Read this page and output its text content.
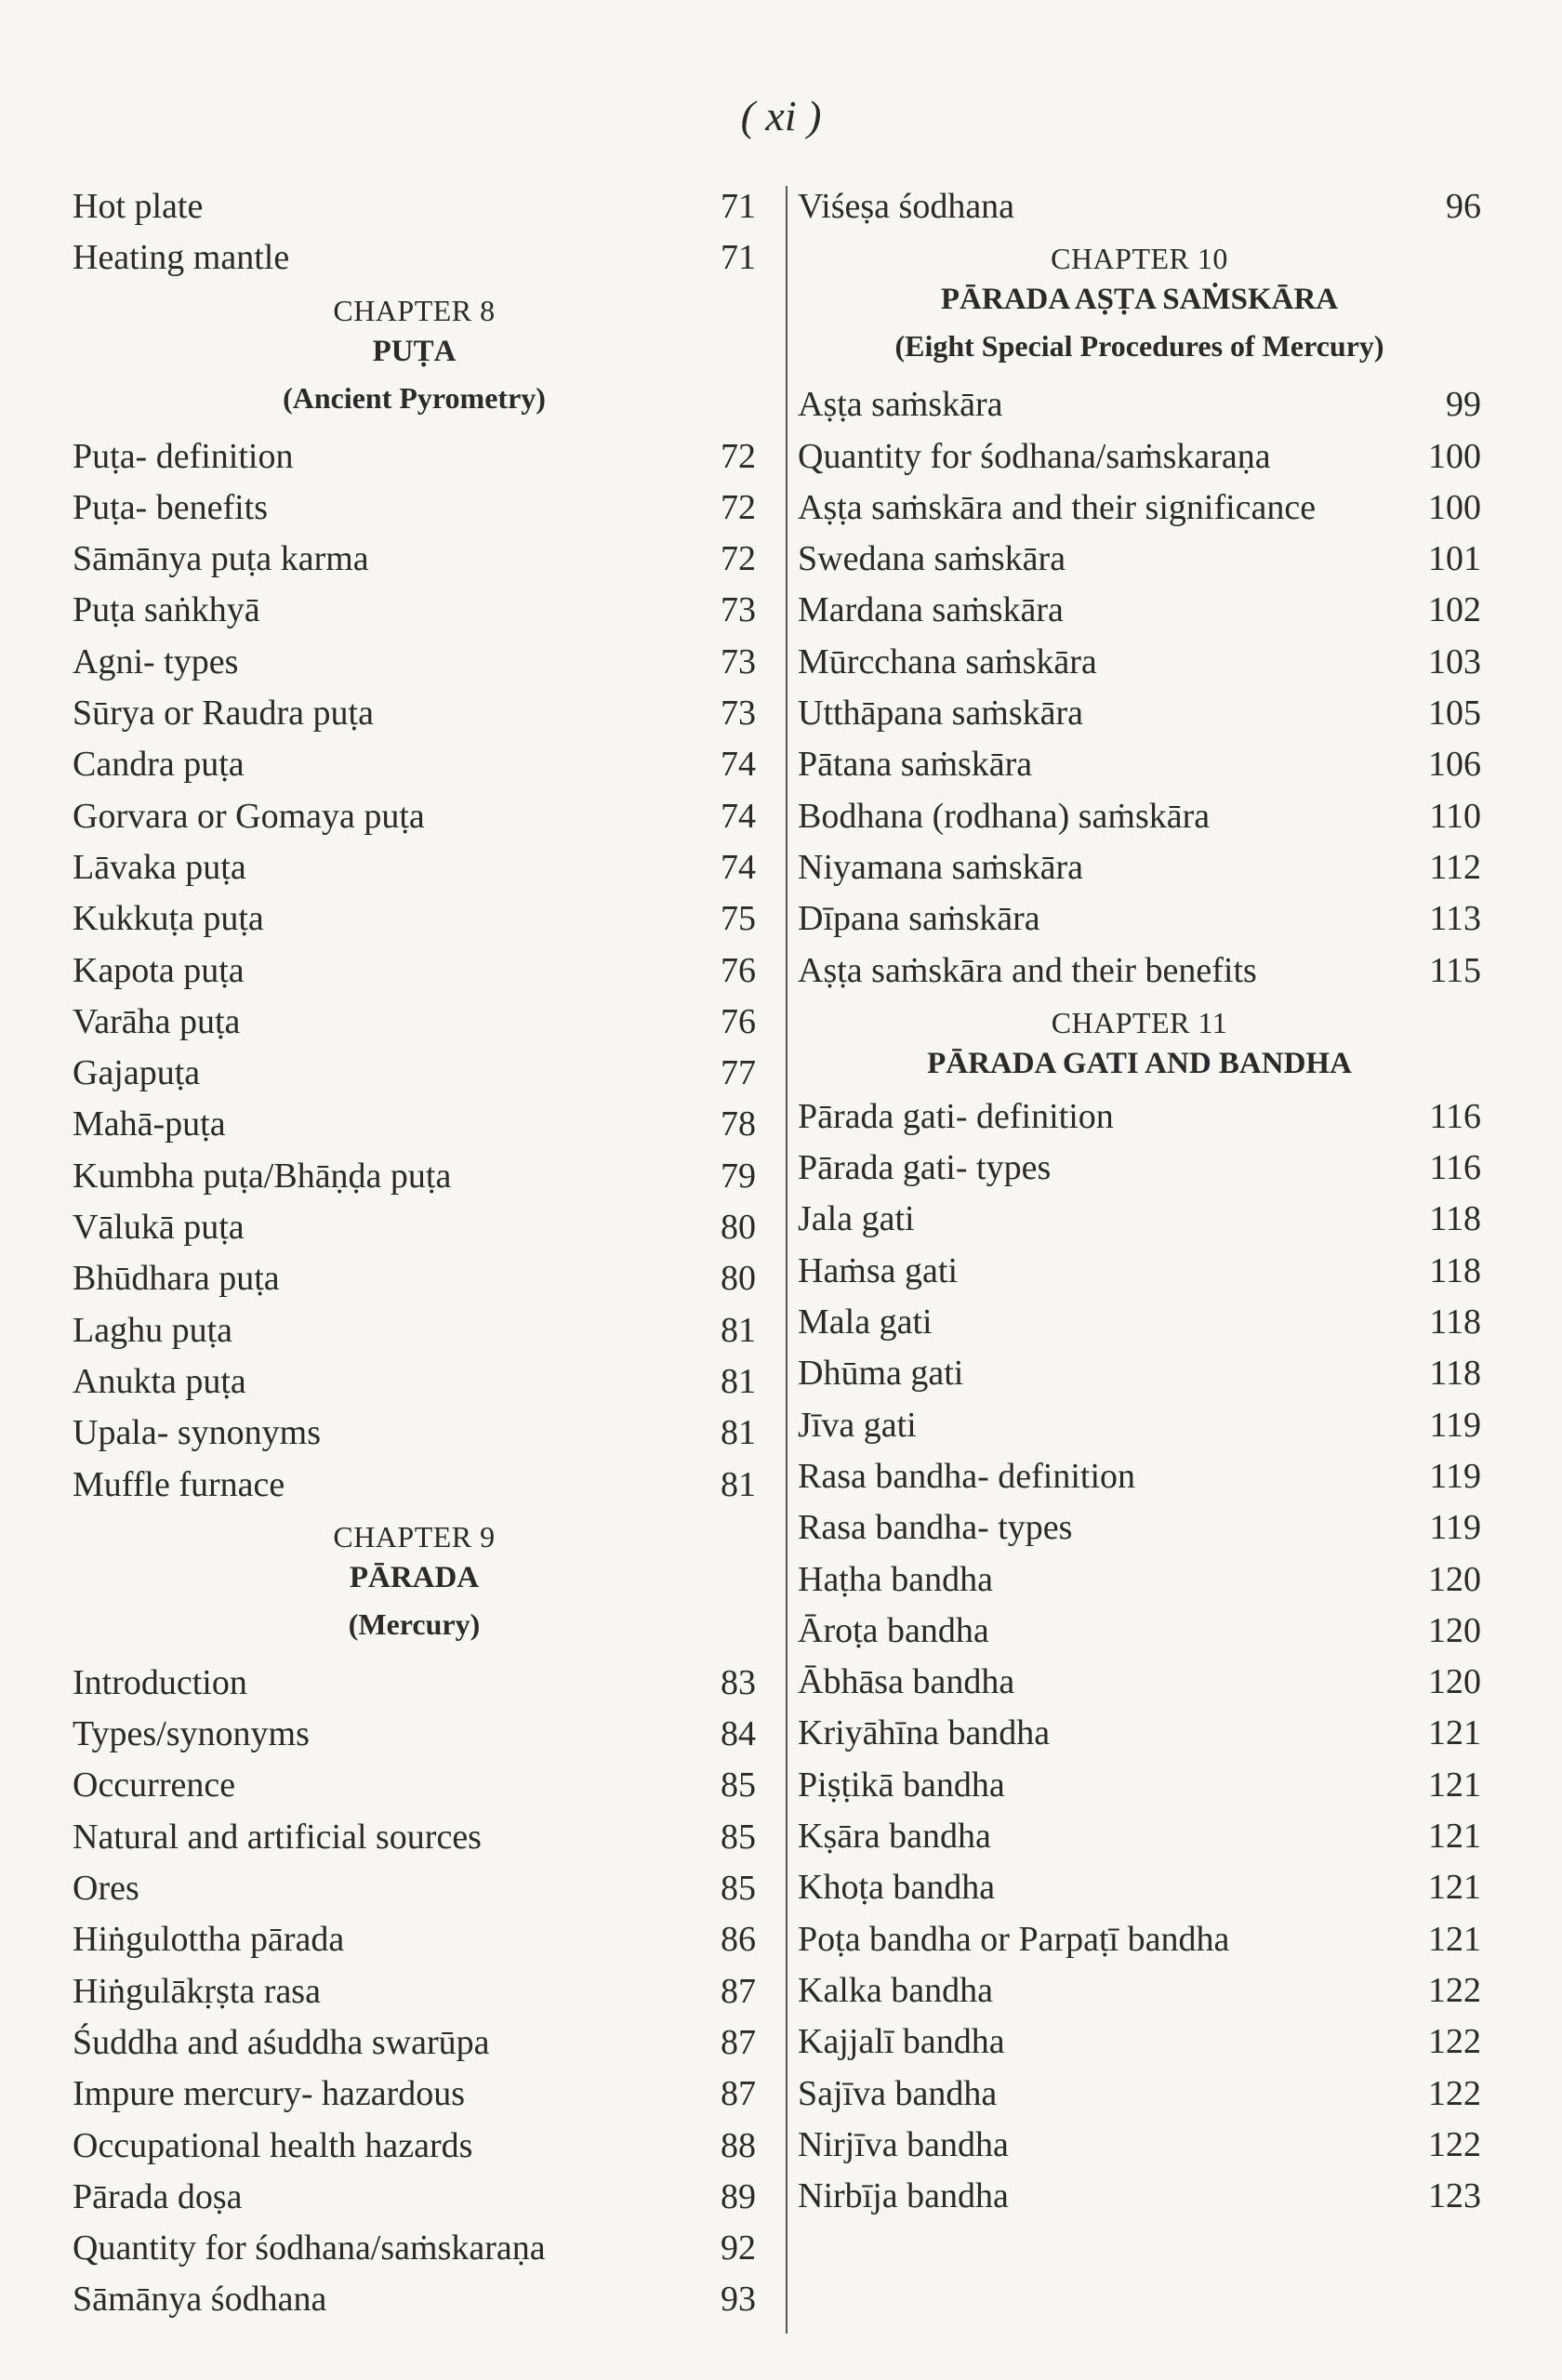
( xi )
Hot plate	71
Heating mantle	71
CHAPTER 8
PUṬA
(Ancient Pyrometry)
Puṭa- definition	72
Puṭa- benefits	72
Sāmānya puṭa karma	72
Puṭa saṅkhyā	73
Agni- types	73
Sūrya or Raudra puṭa	73
Candra puṭa	74
Gorvara or Gomaya puṭa	74
Lāvaka puṭa	74
Kukkuṭa puṭa	75
Kapota puṭa	76
Varāha puṭa	76
Gajapuṭa	77
Mahā-puṭa	78
Kumbha puṭa/Bhāṇḍa puṭa	79
Vālukā puṭa	80
Bhūdhara puṭa	80
Laghu puṭa	81
Anukta puṭa	81
Upala- synonyms	81
Muffle furnace	81
CHAPTER 9
PĀRADA
(Mercury)
Introduction	83
Types/synonyms	84
Occurrence	85
Natural and artificial sources	85
Ores	85
Hiṅgulottha pārada	86
Hiṅgulākṛṣta rasa	87
Śuddha and aśuddha swarūpa	87
Impure mercury- hazardous	87
Occupational health hazards	88
Pārada doṣa	89
Quantity for śodhana/saṁskaraṇa	92
Sāmānya śodhana	93
Viśeṣa śodhana	96
CHAPTER 10
PĀRADA AṢṬA SAṀSKĀRA
(Eight Special Procedures of Mercury)
Aṣṭa saṁskāra	99
Quantity for śodhana/saṁskaraṇa	100
Aṣṭa saṁskāra and their significance	100
Swedana saṁskāra	101
Mardana saṁskāra	102
Mūrcchana saṁskāra	103
Utthāpana saṁskāra	105
Pātana saṁskāra	106
Bodhana (rodhana) saṁskāra	110
Niyamana saṁskāra	112
Dīpana saṁskāra	113
Aṣṭa saṁskāra and their benefits	115
CHAPTER 11
PĀRADA GATI AND BANDHA
Pārada gati- definition	116
Pārada gati- types	116
Jala gati	118
Haṁsa gati	118
Mala gati	118
Dhūma gati	118
Jīva gati	119
Rasa bandha- definition	119
Rasa bandha- types	119
Haṭha bandha	120
Āroṭa bandha	120
Ābhāsa bandha	120
Kriyāhīna bandha	121
Piṣṭikā bandha	121
Kṣāra bandha	121
Khoṭa bandha	121
Poṭa bandha or Parpaṭī bandha	121
Kalka bandha	122
Kajjalī bandha	122
Sajīva bandha	122
Nirjīva bandha	122
Nirbīja bandha	123
